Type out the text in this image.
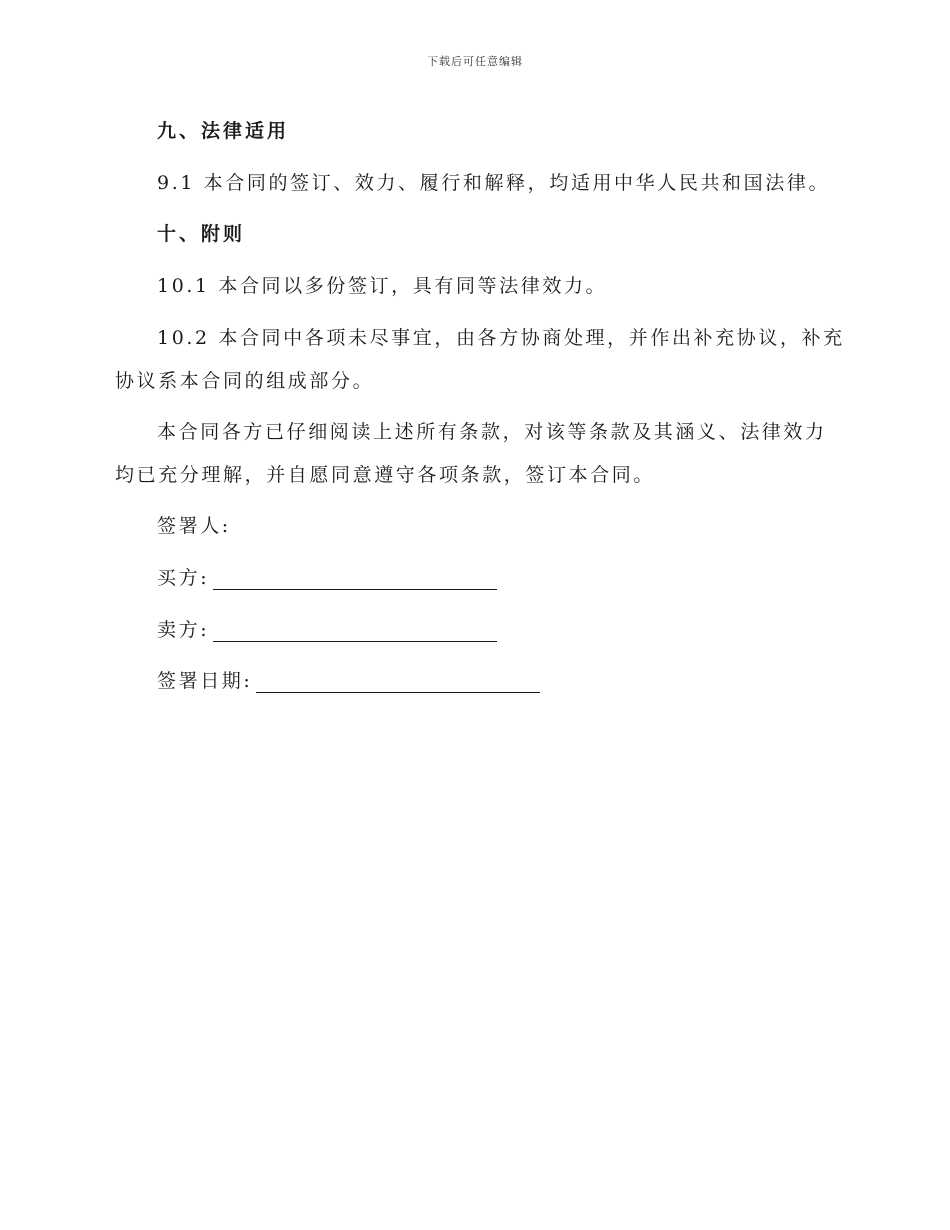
下载后可任意编辑
九、法律适用
9.1 本合同的签订、效力、履行和解释，均适用中华人民共和国法律。
十、附则
10.1 本合同以多份签订，具有同等法律效力。
10.2 本合同中各项未尽事宜，由各方协商处理，并作出补充协议，补充
协议系本合同的组成部分。
本合同各方已仔细阅读上述所有条款，对该等条款及其涵义、法律效力
均已充分理解，并自愿同意遵守各项条款，签订本合同。
签署人:
买方:
卖方:
签署日期:
